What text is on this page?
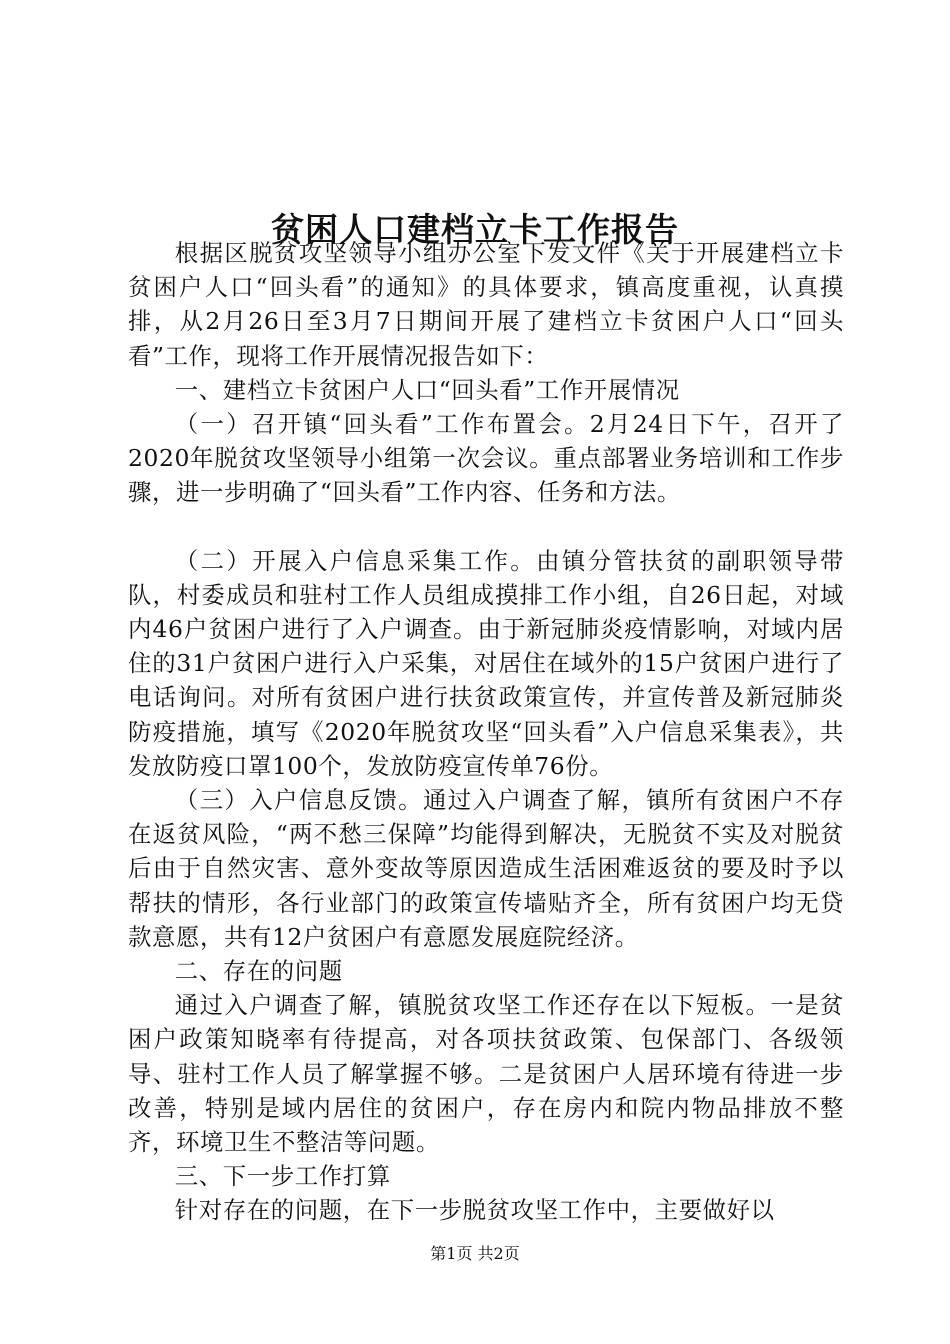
贫困人口建档立卡工作报告

根据区脱贫攻坚领导小组办公室下发文件《关于开展建档立卡贫困户人口“回头看”的通知》的具体要求，镇高度重视，认真摸排，从2月26日至3月7日期间开展了建档立卡贫困户人口“回头看”工作，现将工作开展情况报告如下：

一、建档立卡贫困户人口“回头看”工作开展情况

（一）召开镇“回头看”工作布置会。2月24日下午，召开了2020年脱贫攻坚领导小组第一次会议。重点部署业务培训和工作步骤，进一步明确了“回头看”工作内容、任务和方法。

（二）开展入户信息采集工作。由镇分管扶贫的副职领导带队，村委成员和驻村工作人员组成摸排工作小组，自26日起，对域内46户贫困户进行了入户调查。由于新冠肺炎疫情影响，对域内居住的31户贫困户进行入户采集，对居住在域外的15户贫困户进行了电话询问。对所有贫困户进行扶贫政策宣传，并宣传普及新冠肺炎防疫措施，填写《2020年脱贫攻坚“回头看”入户信息采集表》，共发放防疫口罩100个，发放防疫宣传单76份。

（三）入户信息反馈。通过入户调查了解，镇所有贫困户不存在返贫风险，“两不愁三保障”均能得到解决，无脱贫不实及对脱贫后由于自然灾害、意外变故等原因造成生活困难返贫的要及时予以帮扶的情形，各行业部门的政策宣传墙贴齐全，所有贫困户均无贷款意愿，共有12户贫困户有意愿发展庭院经济。

二、存在的问题

通过入户调查了解，镇脱贫攻坚工作还存在以下短板。一是贫困户政策知晓率有待提高，对各项扶贫政策、包保部门、各级领导、驻村工作人员了解掌握不够。二是贫困户人居环境有待进一步改善，特别是域内居住的贫困户，存在房内和院内物品排放不整齐，环境卫生不整洁等问题。

三、下一步工作打算

针对存在的问题，在下一步脱贫攻坚工作中，主要做好以

第1页 共2页
